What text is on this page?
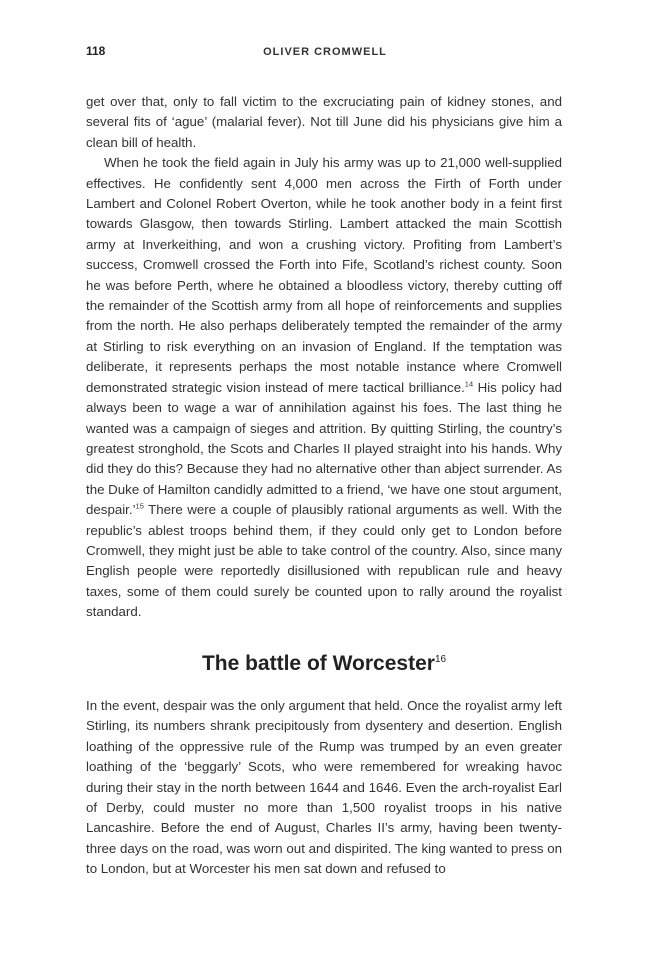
118	OLIVER CROMWELL

get over that, only to fall victim to the excruciating pain of kidney stones, and several fits of ‘ague’ (malarial fever). Not till June did his physicians give him a clean bill of health.

When he took the field again in July his army was up to 21,000 well-supplied effectives. He confidently sent 4,000 men across the Firth of Forth under Lambert and Colonel Robert Overton, while he took another body in a feint first towards Glasgow, then towards Stirling. Lambert attacked the main Scottish army at Inverkeithing, and won a crushing victory. Profiting from Lambert’s success, Cromwell crossed the Forth into Fife, Scotland’s richest county. Soon he was before Perth, where he obtained a bloodless victory, thereby cutting off the remainder of the Scottish army from all hope of reinforcements and supplies from the north. He also perhaps deliberately tempted the remainder of the army at Stirling to risk everything on an invasion of England. If the temptation was deliberate, it represents perhaps the most notable instance where Cromwell demonstrated strategic vision instead of mere tactical brilliance.$^{14}$ His policy had always been to wage a war of annihilation against his foes. The last thing he wanted was a campaign of sieges and attrition. By quitting Stirling, the country’s greatest stronghold, the Scots and Charles II played straight into his hands. Why did they do this? Because they had no alternative other than abject surrender. As the Duke of Hamilton candidly admitted to a friend, ‘we have one stout argument, despair.’$^{15}$ There were a couple of plausibly rational arguments as well. With the republic’s ablest troops behind them, if they could only get to London before Cromwell, they might just be able to take control of the country. Also, since many English people were reportedly disillusioned with republican rule and heavy taxes, some of them could surely be counted upon to rally around the royalist standard.

The battle of Worcester$^{16}$

In the event, despair was the only argument that held. Once the royalist army left Stirling, its numbers shrank precipitously from dysentery and desertion. English loathing of the oppressive rule of the Rump was trumped by an even greater loathing of the ‘beggarly’ Scots, who were remembered for wreaking havoc during their stay in the north between 1644 and 1646. Even the arch-royalist Earl of Derby, could muster no more than 1,500 royalist troops in his native Lancashire. Before the end of August, Charles II’s army, having been twenty-three days on the road, was worn out and dispirited. The king wanted to press on to London, but at Worcester his men sat down and refused to
